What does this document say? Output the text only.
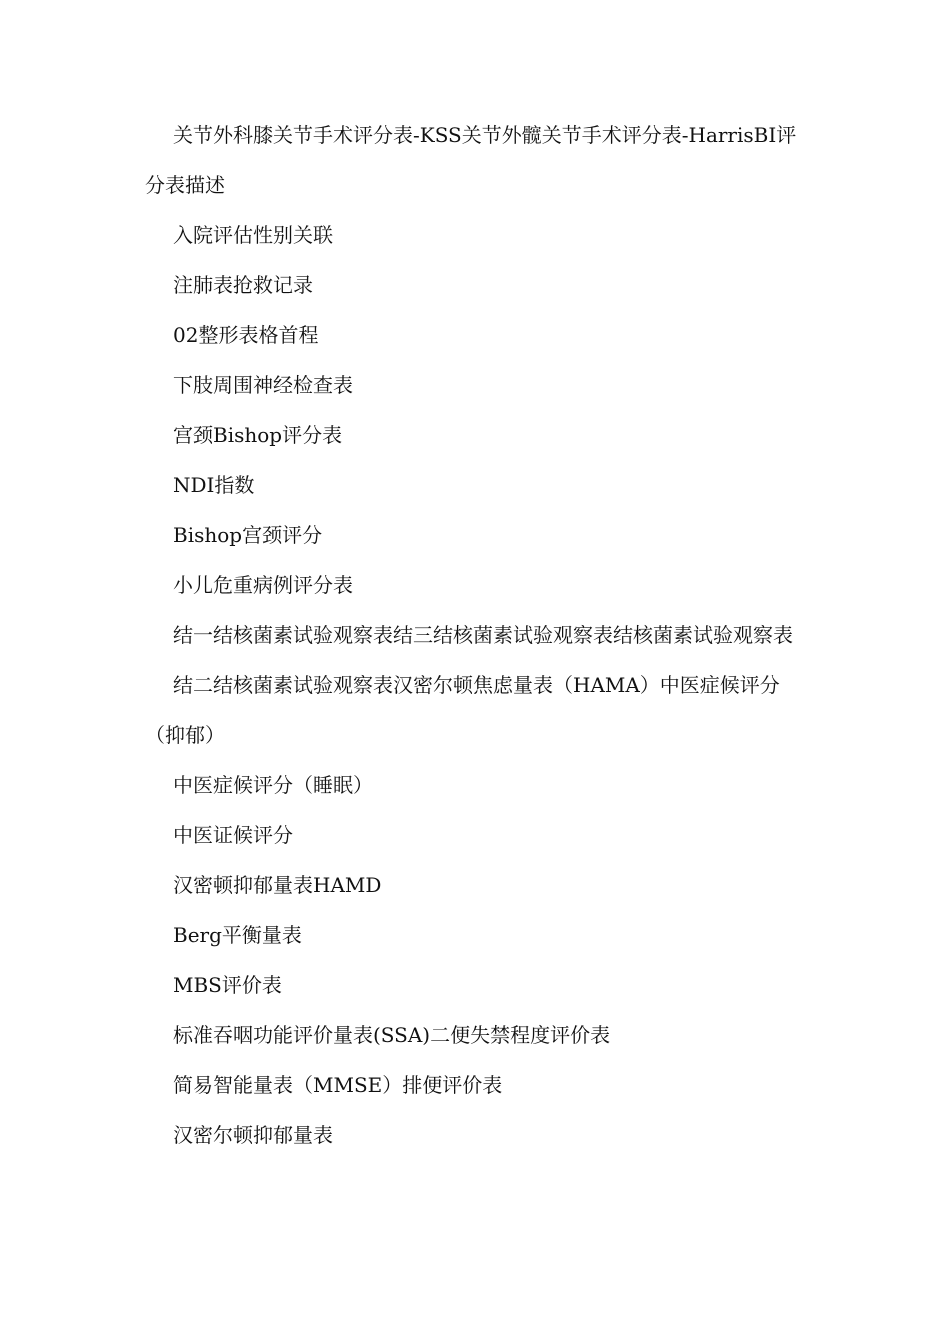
关节外科膝关节手术评分表-KSS关节外髋关节手术评分表-HarrisBI评分表描述

入院评估性别关联

注肺表抢救记录

02整形表格首程

下肢周围神经检查表

宫颈Bishop评分表

NDI指数

Bishop宫颈评分

小儿危重病例评分表

结一结核菌素试验观察表结三结核菌素试验观察表结核菌素试验观察表

结二结核菌素试验观察表汉密尔顿焦虑量表（HAMA）中医症候评分（抑郁）

中医症候评分（睡眠）

中医证候评分

汉密顿抑郁量表HAMD

Berg平衡量表

MBS评价表

标准吞咽功能评价量表(SSA)二便失禁程度评价表

简易智能量表（MMSE）排便评价表

汉密尔顿抑郁量表
